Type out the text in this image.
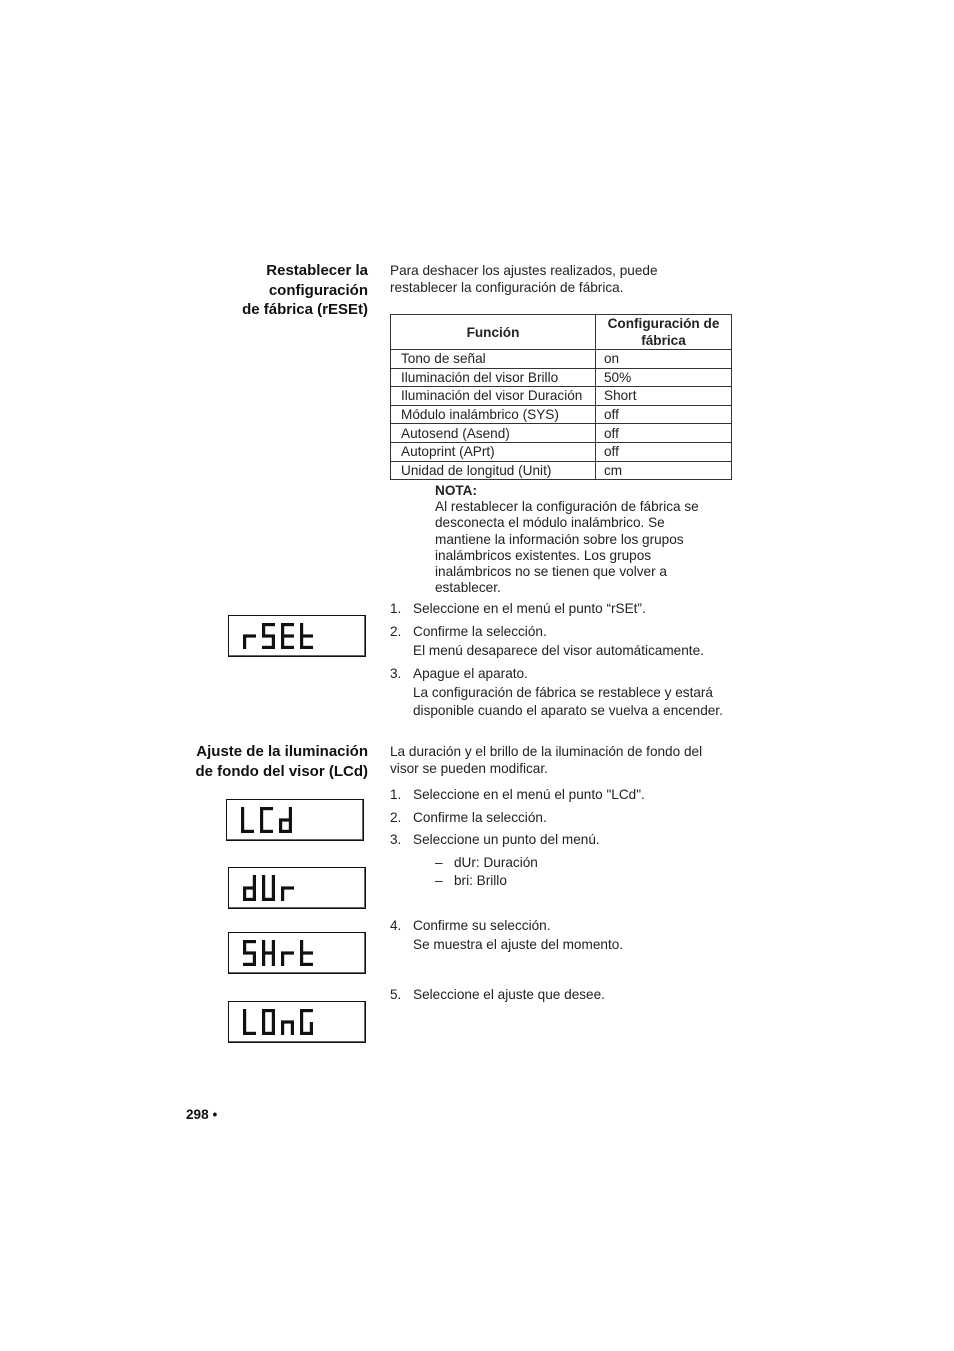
Restablecer la
configuración
de fábrica (rESEt)
Para deshacer los ajustes realizados, puede
restablecer la configuración de fábrica.
Función	Configuración de fábrica
Tono de señal	on
Iluminación del visor Brillo	50%
Iluminación del visor Duración	Short
Módulo inalámbrico (SYS)	off
Autosend (Asend)	off
Autoprint (APrt)	off
Unidad de longitud (Unit)	cm
NOTA:
Al restablecer la configuración de fábrica se
desconecta el módulo inalámbrico. Se
mantiene la información sobre los grupos
inalámbricos existentes. Los grupos
inalámbricos no se tienen que volver a
establecer.
1. Seleccione en el menú el punto “rSEt”.
2. Confirme la selección.
El menú desaparece del visor automáticamente.
3. Apague el aparato.
La configuración de fábrica se restablece y estará
disponible cuando el aparato se vuelva a encender.
Ajuste de la iluminación
de fondo del visor (LCd)
La duración y el brillo de la iluminación de fondo del
visor se pueden modificar.
1. Seleccione en el menú el punto "LCd".
2. Confirme la selección.
3. Seleccione un punto del menú.
– dUr: Duración
– bri: Brillo
4. Confirme su selección.
Se muestra el ajuste del momento.
5. Seleccione el ajuste que desee.
298 •
